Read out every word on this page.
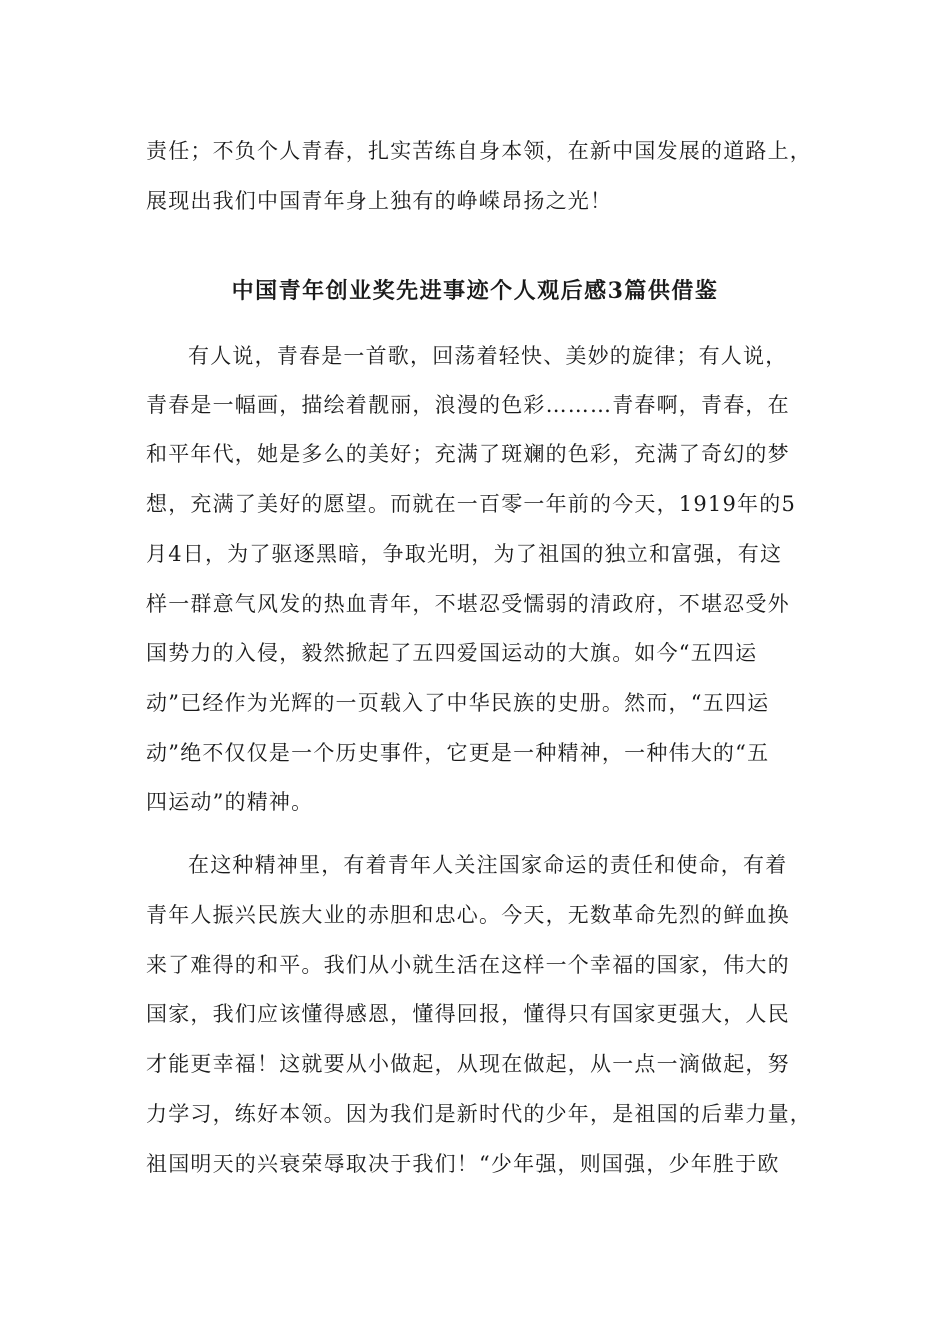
责任；不负个人青春，扎实苦练自身本领，在新中国发展的道路上，
展现出我们中国青年身上独有的峥嵘昂扬之光！
中国青年创业奖先进事迹个人观后感3篇供借鉴
有人说，青春是一首歌，回荡着轻快、美妙的旋律；有人说，
青春是一幅画，描绘着靓丽，浪漫的色彩………青春啊，青春，在
和平年代，她是多么的美好；充满了斑斓的色彩，充满了奇幻的梦
想，充满了美好的愿望。而就在一百零一年前的今天，1919年的5
月4日，为了驱逐黑暗，争取光明，为了祖国的独立和富强，有这
样一群意气风发的热血青年，不堪忍受懦弱的清政府，不堪忍受外
国势力的入侵，毅然掀起了五四爱国运动的大旗。如今“五四运
动”已经作为光辉的一页载入了中华民族的史册。然而，“五四运
动”绝不仅仅是一个历史事件，它更是一种精神，一种伟大的“五
四运动”的精神。
在这种精神里，有着青年人关注国家命运的责任和使命，有着
青年人振兴民族大业的赤胆和忠心。今天，无数革命先烈的鲜血换
来了难得的和平。我们从小就生活在这样一个幸福的国家，伟大的
国家，我们应该懂得感恩，懂得回报，懂得只有国家更强大，人民
才能更幸福！这就要从小做起，从现在做起，从一点一滴做起，努
力学习，练好本领。因为我们是新时代的少年，是祖国的后辈力量，
祖国明天的兴衰荣辱取决于我们！“少年强，则国强，少年胜于欧
